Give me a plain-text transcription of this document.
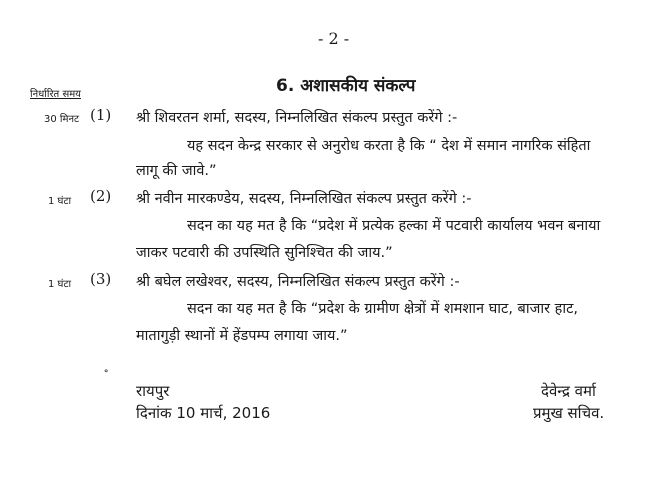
- 2 -
निर्धारित समय	6. अशासकीय संकल्प
30 मिनट (1) श्री शिवरतन शर्मा, सदस्य, निम्नलिखित संकल्प प्रस्तुत करेंगे :-
यह सदन केन्द्र सरकार से अनुरोध करता है कि “ देश में समान नागरिक संहिता
लागू की जावे.”
1 घंटा (2) श्री नवीन मारकण्डेय, सदस्य, निम्नलिखित संकल्प प्रस्तुत करेंगे :-
सदन का यह मत है कि “प्रदेश में प्रत्येक हल्का में पटवारी कार्यालय भवन बनाया
जाकर पटवारी की उपस्थिति सुनिश्चित की जाय.”
1 घंटा (3) श्री बघेल लखेश्वर, सदस्य, निम्नलिखित संकल्प प्रस्तुत करेंगे :-
सदन का यह मत है कि “प्रदेश के ग्रामीण क्षेत्रों में शमशान घाट, बाजार हाट,
मातागुड़ी स्थानों में हेंडपम्प लगाया जाय.”
॰
रायपुर
दिनांक 10 मार्च, 2016
देवेन्द्र वर्मा
प्रमुख सचिव.
